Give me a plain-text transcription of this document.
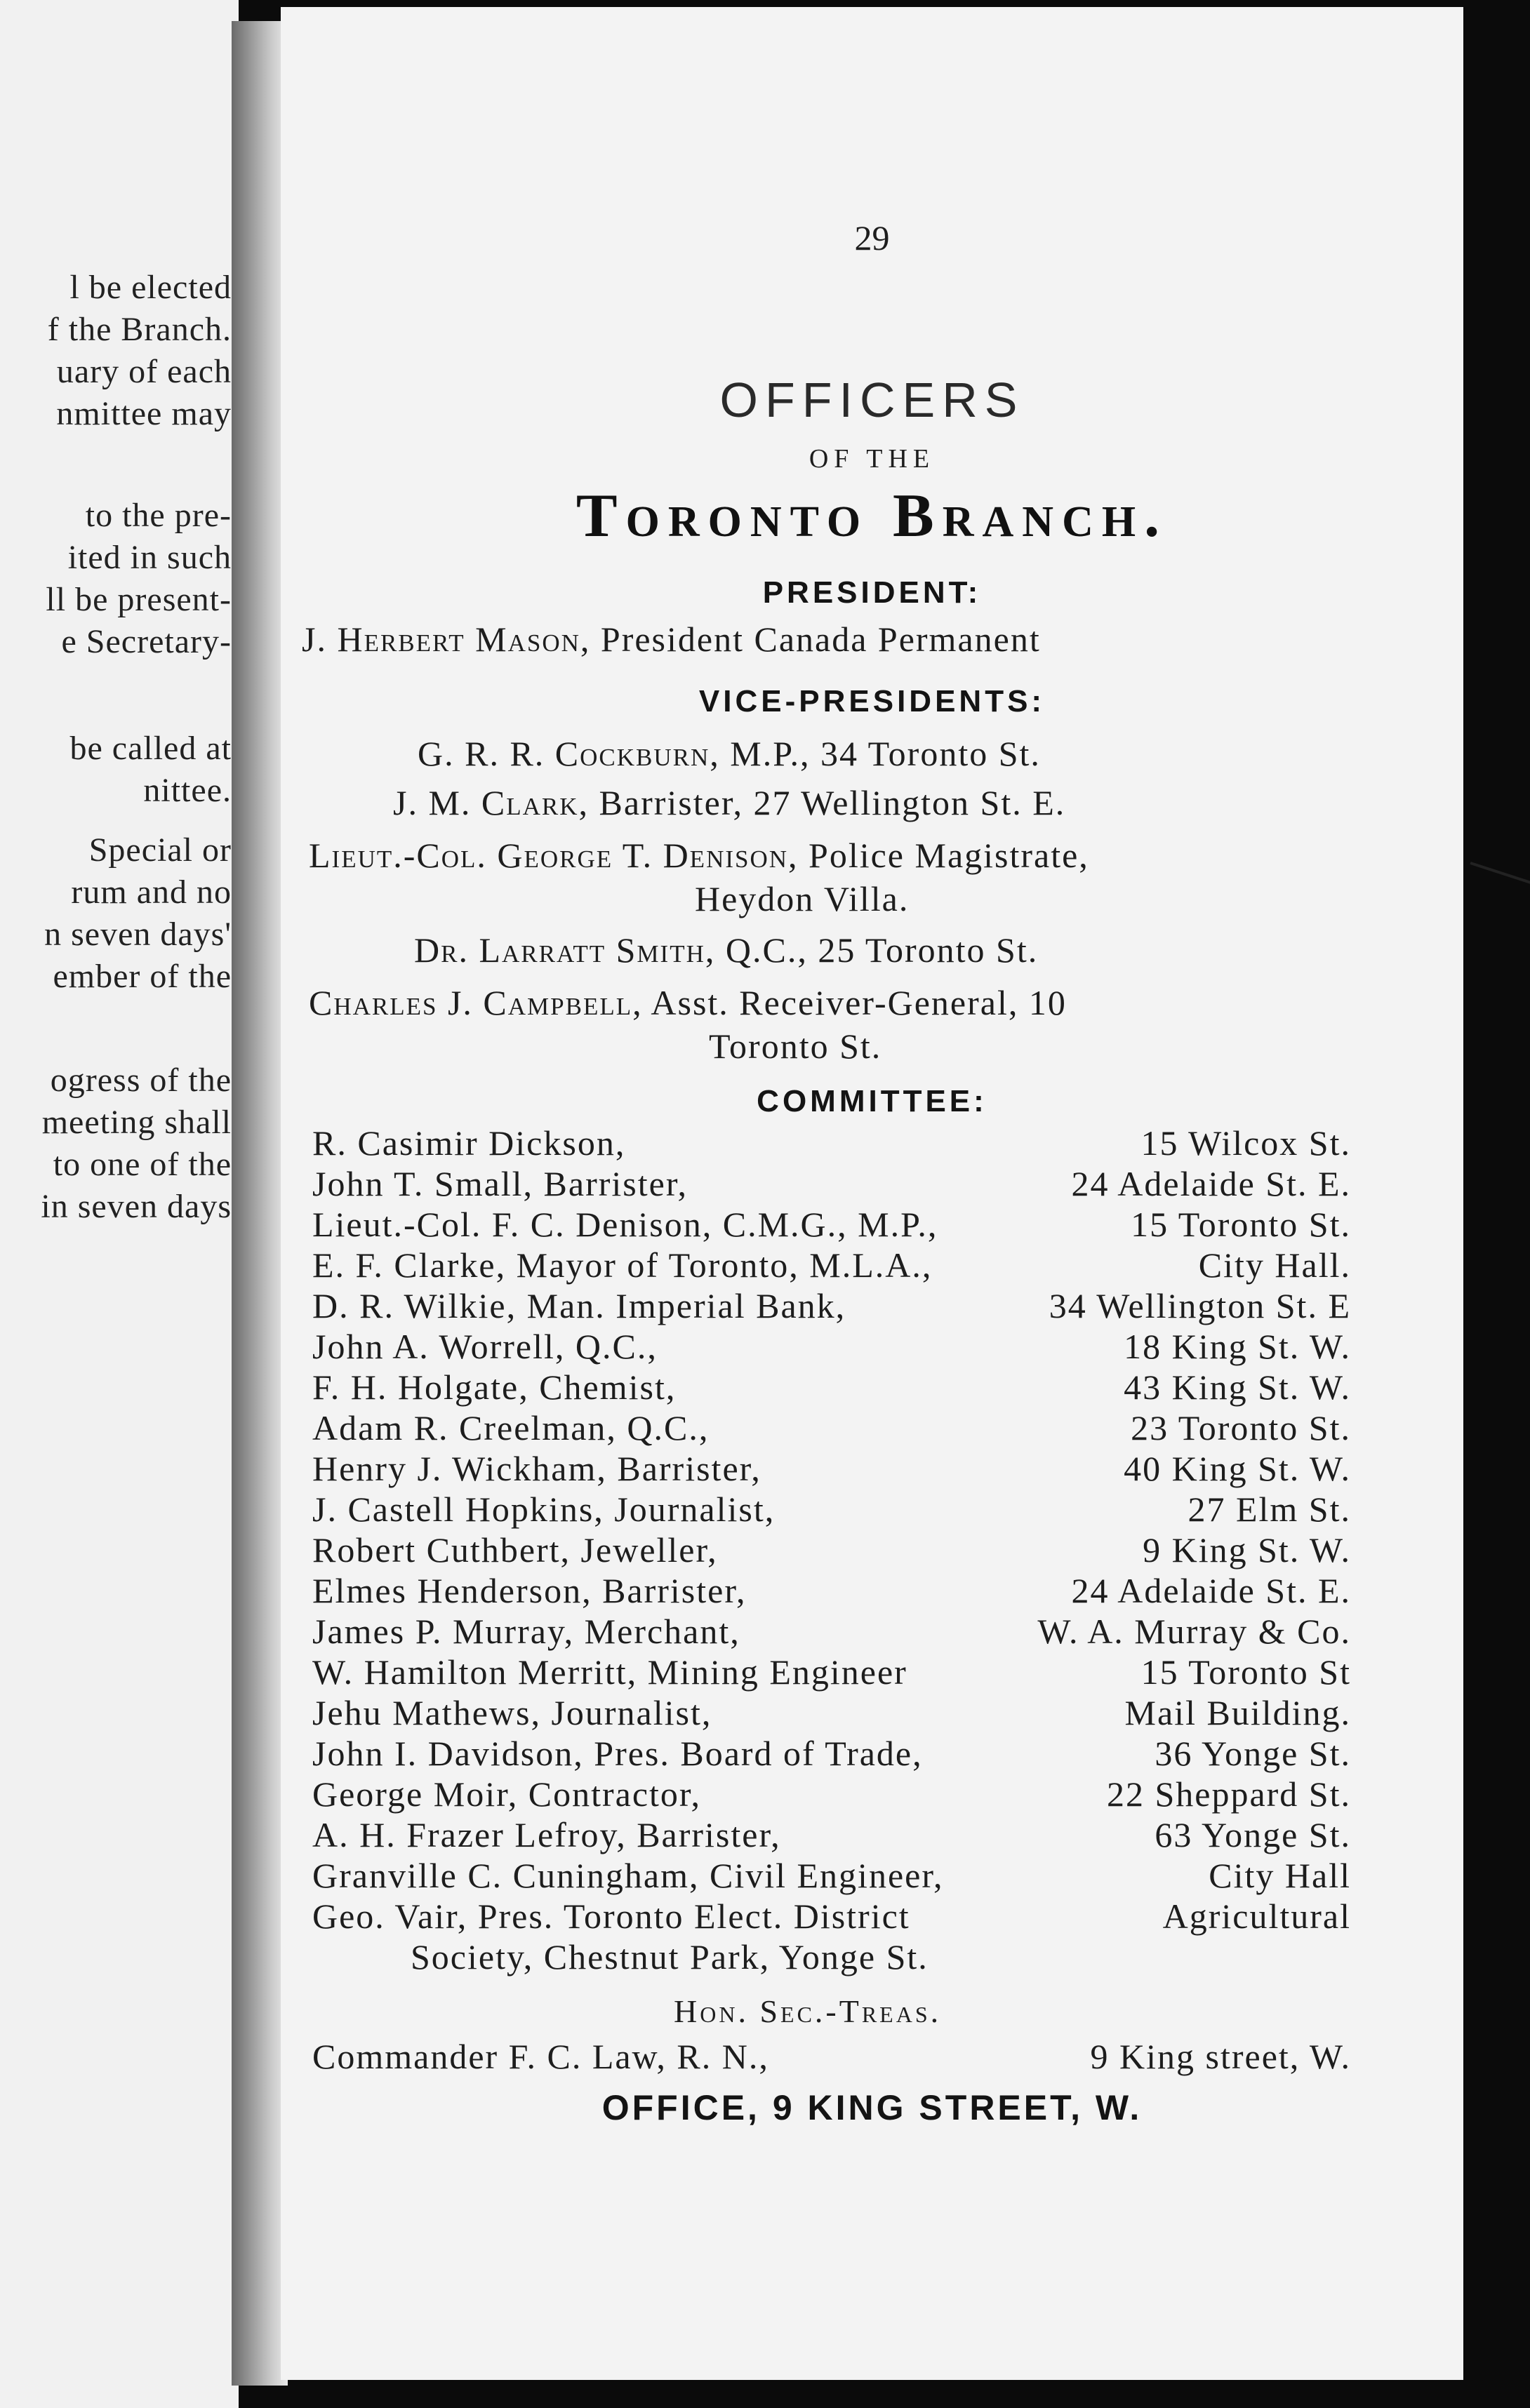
l be elected
f the Branch.
uary of each
nmittee may
to the pre-
ited in such
ll be present-
e Secretary-
be called at
nittee.
Special or
rum and no
n seven days'
ember of the
ogress of the
meeting shall
to one of the
in seven days
29
OFFICERS
OF THE
Toronto Branch.
PRESIDENT:
J. Herbert Mason, President Canada Permanent
VICE-PRESIDENTS:
G. R. R. Cockburn, M.P., 34 Toronto St.
J. M. Clark, Barrister, 27 Wellington St. E.
Lieut.-Col. George T. Denison, Police Magistrate,
Heydon Villa.
Dr. Larratt Smith, Q.C., 25 Toronto St.
Charles J. Campbell, Asst. Receiver-General, 10
Toronto St.
COMMITTEE:
R. Casimir Dickson,	15 Wilcox St.
John T. Small, Barrister,	24 Adelaide St. E.
Lieut.-Col. F. C. Denison, C.M.G., M.P.,	15 Toronto St.
E. F. Clarke, Mayor of Toronto, M.L.A.,	City Hall.
D. R. Wilkie, Man. Imperial Bank,	34 Wellington St. E
John A. Worrell, Q.C.,	18 King St. W.
F. H. Holgate, Chemist,	43 King St. W.
Adam R. Creelman, Q.C.,	23 Toronto St.
Henry J. Wickham, Barrister,	40 King St. W.
J. Castell Hopkins, Journalist,	27 Elm St.
Robert Cuthbert, Jeweller,	9 King St. W.
Elmes Henderson, Barrister,	24 Adelaide St. E.
James P. Murray, Merchant,	W. A. Murray & Co.
W. Hamilton Merritt, Mining Engineer	15 Toronto St
Jehu Mathews, Journalist,	Mail Building.
John I. Davidson, Pres. Board of Trade,	36 Yonge St.
George Moir, Contractor,	22 Sheppard St.
A. H. Frazer Lefroy, Barrister,	63 Yonge St.
Granville C. Cuningham, Civil Engineer,	City Hall
Geo. Vair, Pres. Toronto Elect. District	Agricultural
Society, Chestnut Park, Yonge St.
Hon. Sec.-Treas.
Commander F. C. Law, R. N.,	9 King street, W.
OFFICE, 9 KING STREET, W.
